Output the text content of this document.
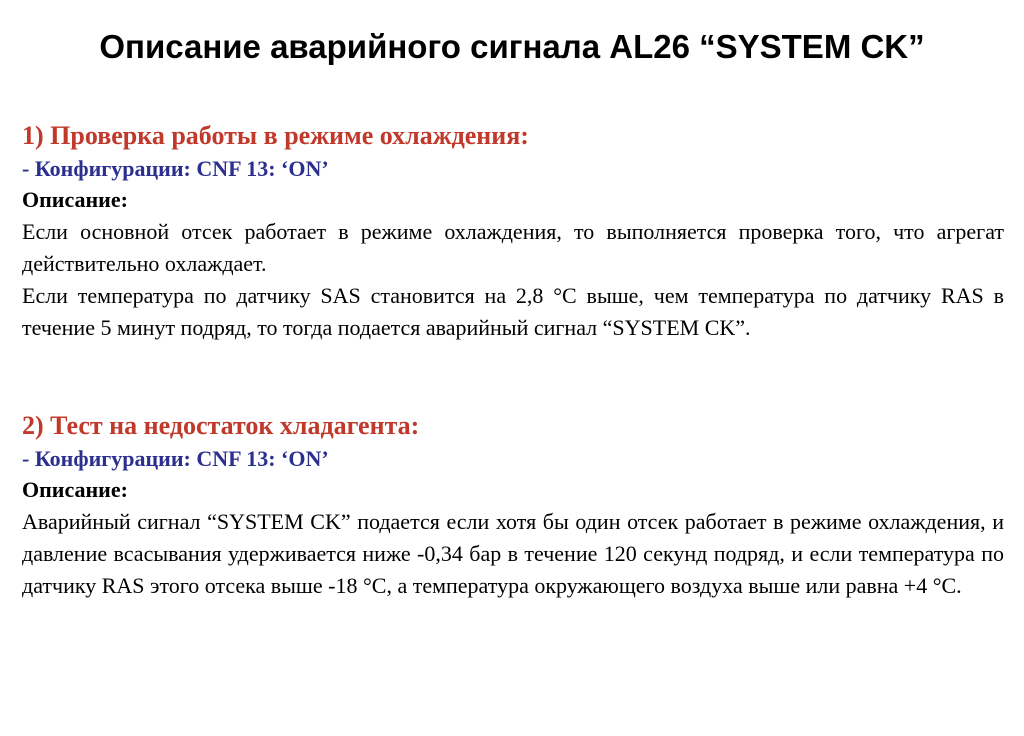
Описание аварийного сигнала AL26 “SYSTEM CK”
1) Проверка работы в режиме охлаждения:
- Конфигурации: CNF 13: ‘ON’
Описание:

Если основной отсек работает в режиме охлаждения, то выполняется проверка того, что агрегат действительно охлаждает.

Если температура по датчику SAS становится на 2,8 °C выше, чем температура по датчику RAS в течение 5 минут подряд, то тогда подается аварийный сигнал “SYSTEM CK”.

2) Тест на недостаток хладагента:
- Конфигурации: CNF 13: ‘ON’
Описание:

Аварийный сигнал “SYSTEM CK” подается если хотя бы один отсек работает в режиме охлаждения, и давление всасывания удерживается ниже -0,34 бар в течение 120 секунд подряд, и если температура по датчику RAS этого отсека выше -18 °C, а температура окружающего воздуха выше или равна +4 °C.
